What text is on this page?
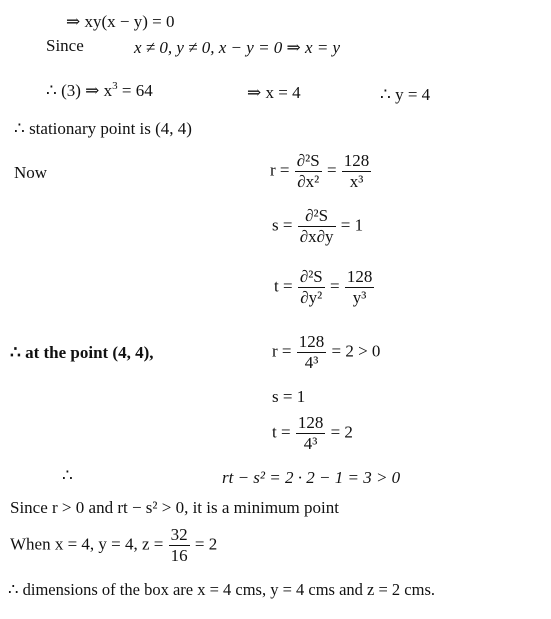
⇒ xy(x − y) = 0
Since	x ≠ 0, y ≠ 0, x − y = 0 ⇒ x = y
∴ (3) ⇒ $x^3 = 64$	⇒ x = 4	∴ y = 4
∴ stationary point is (4, 4)
Now	$r = \frac{\text{∂²S}}{\text{∂x²}} = \frac{128}{\text{x³}}$
$s = \frac{\text{∂²S}}{\partial x\partial y} = 1$
$t = \frac{\text{∂²S}}{\text{∂y²}} = \frac{128}{\text{y³}}$
∴ at the point (4, 4),	$r = \frac{128}{\text{4³}} = 2 > 0$
s = 1
$t = \frac{128}{\text{4³}} = 2$
∴	rt − s² = 2 · 2 − 1 = 3 > 0
Since r > 0 and rt − s² > 0, it is a minimum point
When x = 4, y = 4, $z = \frac{32}{16} = 2$
∴ dimensions of the box are x = 4 cms, y = 4 cms and z = 2 cms.
